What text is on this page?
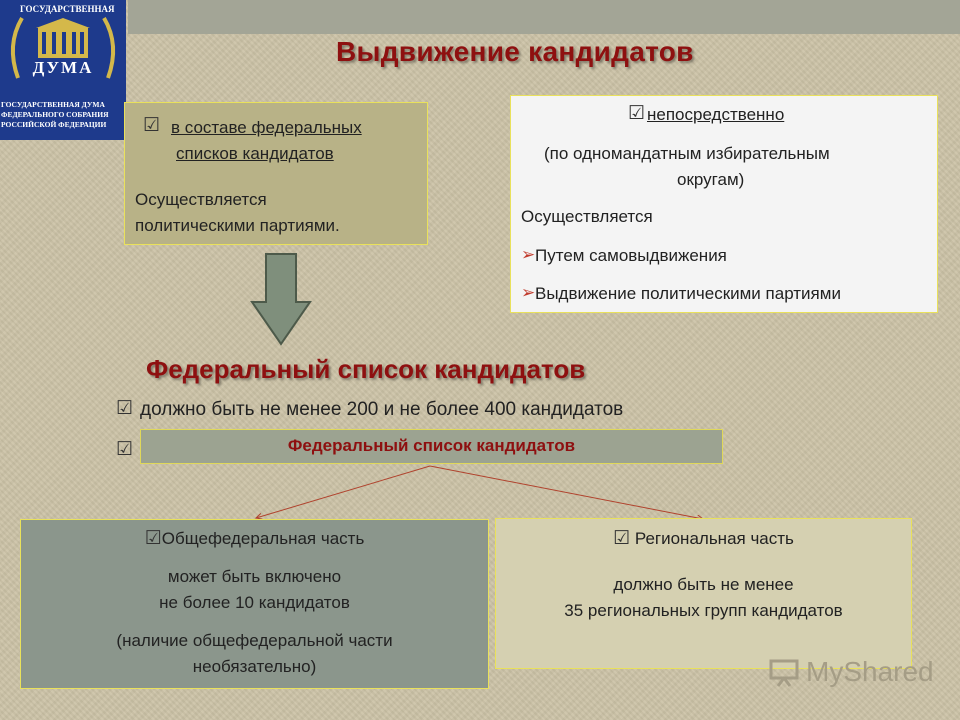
ГОСУДАРСТВЕННАЯ
ДУМА
ГОСУДАРСТВЕННАЯ ДУМА
ФЕДЕРАЛЬНОГО СОБРАНИЯ
РОССИЙСКОЙ ФЕДЕРАЦИИ
Выдвижение кандидатов
☑ в составе федеральных
списков кандидатов
Осуществляется
политическими партиями.
☑ непосредственно
(по одномандатным избирательным
округам)
Осуществляется
➢ Путем самовыдвижения
➢ Выдвижение политическими партиями
Федеральный список кандидатов
☑ должно быть не менее 200 и не более 400 кандидатов
☑	Федеральный список кандидатов
☑Общефедеральная часть
может быть включено
не более 10 кандидатов
(наличие общефедеральной части
необязательно)
☑ Региональная часть
должно быть не менее
35 региональных групп кандидатов
MyShared
